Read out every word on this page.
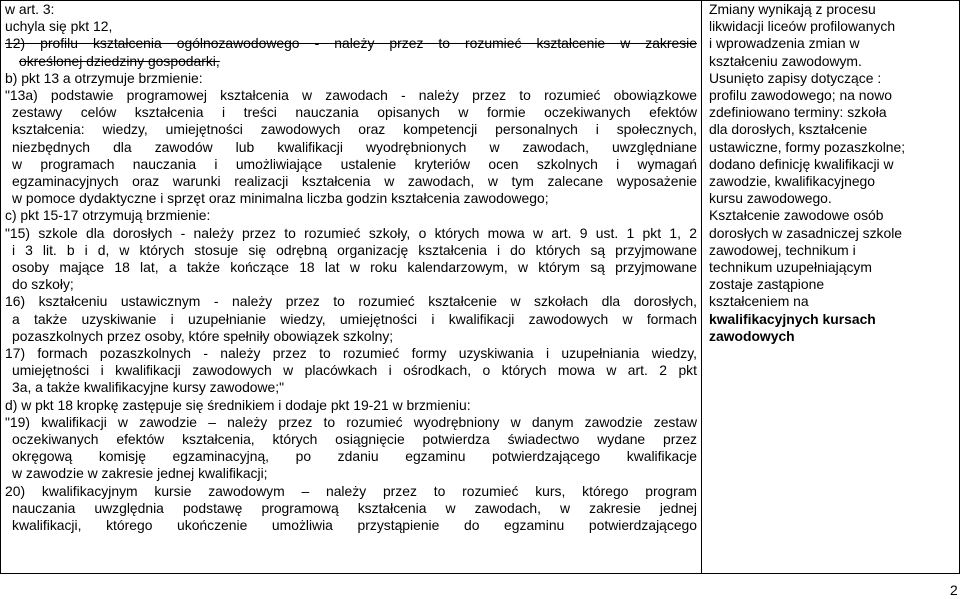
w art. 3:
uchyla się pkt 12,
12) profilu kształcenia ogólnozawodowego - należy przez to rozumieć kształcenie w zakresie
określonej dziedziny gospodarki,
b) pkt 13 a otrzymuje brzmienie:
"13a) podstawie programowej kształcenia w zawodach - należy przez to rozumieć obowiązkowe
zestawy celów kształcenia i treści nauczania opisanych w formie oczekiwanych efektów
kształcenia: wiedzy, umiejętności zawodowych oraz kompetencji personalnych i społecznych,
niezbędnych dla zawodów lub kwalifikacji wyodrębnionych w zawodach, uwzględniane
w programach nauczania i umożliwiające ustalenie kryteriów ocen szkolnych i wymagań
egzaminacyjnych oraz warunki realizacji kształcenia w zawodach, w tym zalecane wyposażenie
w pomoce dydaktyczne i sprzęt oraz minimalna liczba godzin kształcenia zawodowego;
c) pkt 15-17 otrzymują brzmienie:
"15) szkole dla dorosłych - należy przez to rozumieć szkoły, o których mowa w art. 9 ust. 1 pkt 1, 2
i 3 lit. b i d, w których stosuje się odrębną organizację kształcenia i do których są przyjmowane
osoby mające 18 lat, a także kończące 18 lat w roku kalendarzowym, w którym są przyjmowane
do szkoły;
16) kształceniu ustawicznym - należy przez to rozumieć kształcenie w szkołach dla dorosłych,
a także uzyskiwanie i uzupełnianie wiedzy, umiejętności i kwalifikacji zawodowych w formach
pozaszkolnych przez osoby, które spełniły obowiązek szkolny;
17) formach pozaszkolnych - należy przez to rozumieć formy uzyskiwania i uzupełniania wiedzy,
umiejętności i kwalifikacji zawodowych w placówkach i ośrodkach, o których mowa w art. 2 pkt
3a, a także kwalifikacyjne kursy zawodowe;"
d) w pkt 18 kropkę zastępuje się średnikiem i dodaje pkt 19-21 w brzmieniu:
"19) kwalifikacji w zawodzie – należy przez to rozumieć wyodrębniony w danym zawodzie zestaw
oczekiwanych efektów kształcenia, których osiągnięcie potwierdza świadectwo wydane przez
okręgową komisję egzaminacyjną, po zdaniu egzaminu potwierdzającego kwalifikacje
w zawodzie w zakresie jednej kwalifikacji;
20) kwalifikacyjnym kursie zawodowym – należy przez to rozumieć kurs, którego program
nauczania uwzględnia podstawę programową kształcenia w zawodach, w zakresie jednej
kwalifikacji, którego ukończenie umożliwia przystąpienie do egzaminu potwierdzającego

Zmiany wynikają z procesu
likwidacji liceów profilowanych
i wprowadzenia zmian w
kształceniu zawodowym.
Usunięto zapisy dotyczące :
profilu zawodowego; na nowo
zdefiniowano terminy: szkoła
dla dorosłych, kształcenie
ustawiczne, formy pozaszkolne;
dodano definicję kwalifikacji w
zawodzie, kwalifikacyjnego
kursu zawodowego.
Kształcenie zawodowe osób
dorosłych w zasadniczej szkole
zawodowej, technikum i
technikum uzupełniającym
zostaje zastąpione
kształceniem na
kwalifikacyjnych kursach
zawodowych
2
